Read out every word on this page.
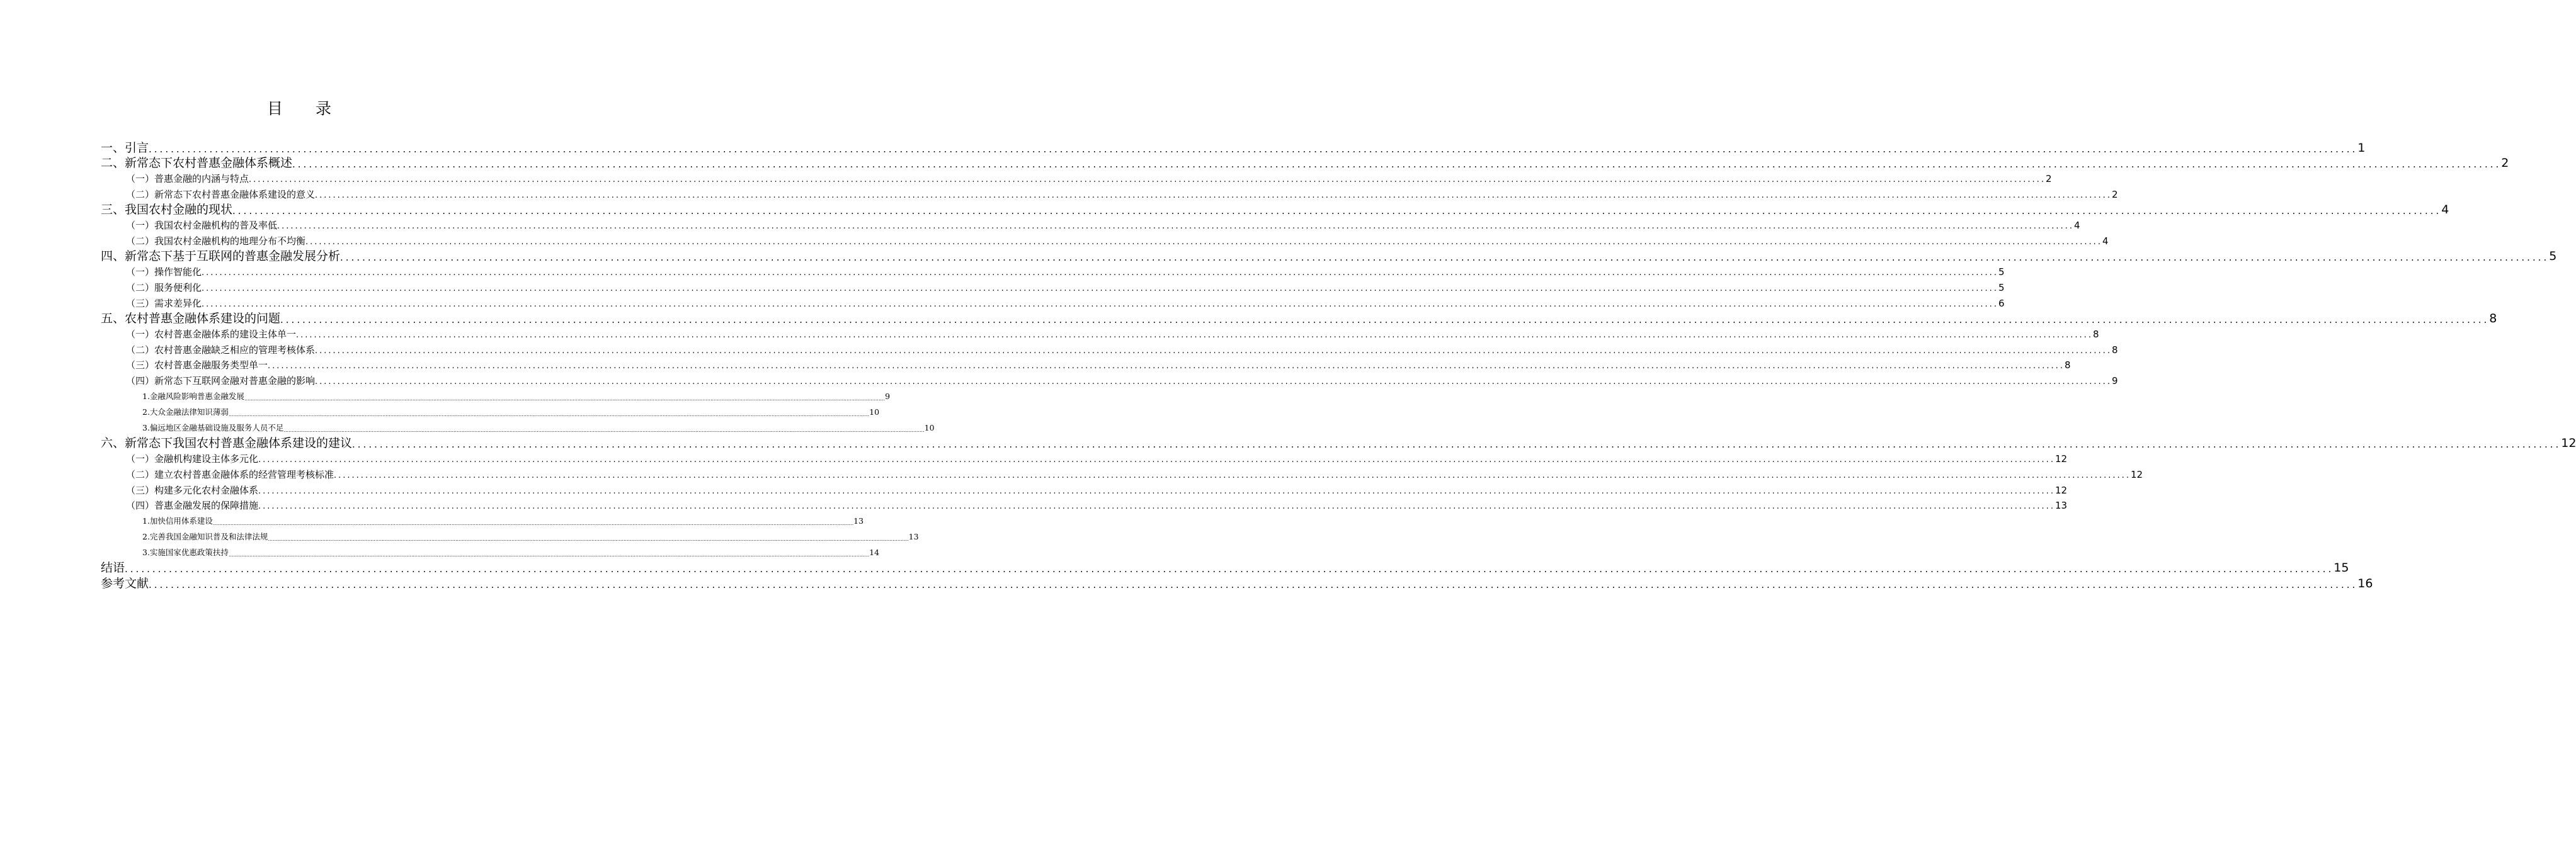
目 录
一、引言 ................................................................................................................................................................................................................................................................................................................................................................................................................ 1
二、新常态下农村普惠金融体系概述 ................................................................................................................................................................................................................................................................................................................................................................................................................ 2
（一）普惠金融的内涵与特点 ................................................................................................................................................................................................................................................................................................................................................................................................................ 2
（二）新常态下农村普惠金融体系建设的意义 ................................................................................................................................................................................................................................................................................................................................................................................................................ 2
三、我国农村金融的现状 ................................................................................................................................................................................................................................................................................................................................................................................................................ 4
（一）我国农村金融机构的普及率低 ................................................................................................................................................................................................................................................................................................................................................................................................................ 4
（二）我国农村金融机构的地理分布不均衡 ................................................................................................................................................................................................................................................................................................................................................................................................................ 4
四、新常态下基于互联网的普惠金融发展分析 ................................................................................................................................................................................................................................................................................................................................................................................................................ 5
（一）操作智能化 ................................................................................................................................................................................................................................................................................................................................................................................................................ 5
（二）服务便利化 ................................................................................................................................................................................................................................................................................................................................................................................................................ 5
（三）需求差异化 ................................................................................................................................................................................................................................................................................................................................................................................................................ 6
五、农村普惠金融体系建设的问题 ................................................................................................................................................................................................................................................................................................................................................................................................................ 8
（一）农村普惠金融体系的建设主体单一 ................................................................................................................................................................................................................................................................................................................................................................................................................ 8
（二）农村普惠金融缺乏相应的管理考核体系 ................................................................................................................................................................................................................................................................................................................................................................................................................ 8
（三）农村普惠金融服务类型单一 ................................................................................................................................................................................................................................................................................................................................................................................................................ 8
（四）新常态下互联网金融对普惠金融的影响 ................................................................................................................................................................................................................................................................................................................................................................................................................ 9
1.金融风险影响普惠金融发展 ................................................................................................................................................................................................................................................................................................................................................................................................................ 9
2.大众金融法律知识薄弱 ................................................................................................................................................................................................................................................................................................................................................................................................................ 10
3.偏远地区金融基础设施及服务人员不足 ................................................................................................................................................................................................................................................................................................................................................................................................................ 10
六、新常态下我国农村普惠金融体系建设的建议 ................................................................................................................................................................................................................................................................................................................................................................................................................ 12
（一）金融机构建设主体多元化 ................................................................................................................................................................................................................................................................................................................................................................................................................ 12
（二）建立农村普惠金融体系的经营管理考核标准 ................................................................................................................................................................................................................................................................................................................................................................................................................ 12
（三）构建多元化农村金融体系 ................................................................................................................................................................................................................................................................................................................................................................................................................ 12
（四）普惠金融发展的保障措施 ................................................................................................................................................................................................................................................................................................................................................................................................................ 13
1.加快信用体系建设 ................................................................................................................................................................................................................................................................................................................................................................................................................ 13
2.完善我国金融知识普及和法律法规 ................................................................................................................................................................................................................................................................................................................................................................................................................ 13
3.实施国家优惠政策扶持 ................................................................................................................................................................................................................................................................................................................................................................................................................ 14
结语 ................................................................................................................................................................................................................................................................................................................................................................................................................ 15
参考文献 ................................................................................................................................................................................................................................................................................................................................................................................................................ 16
